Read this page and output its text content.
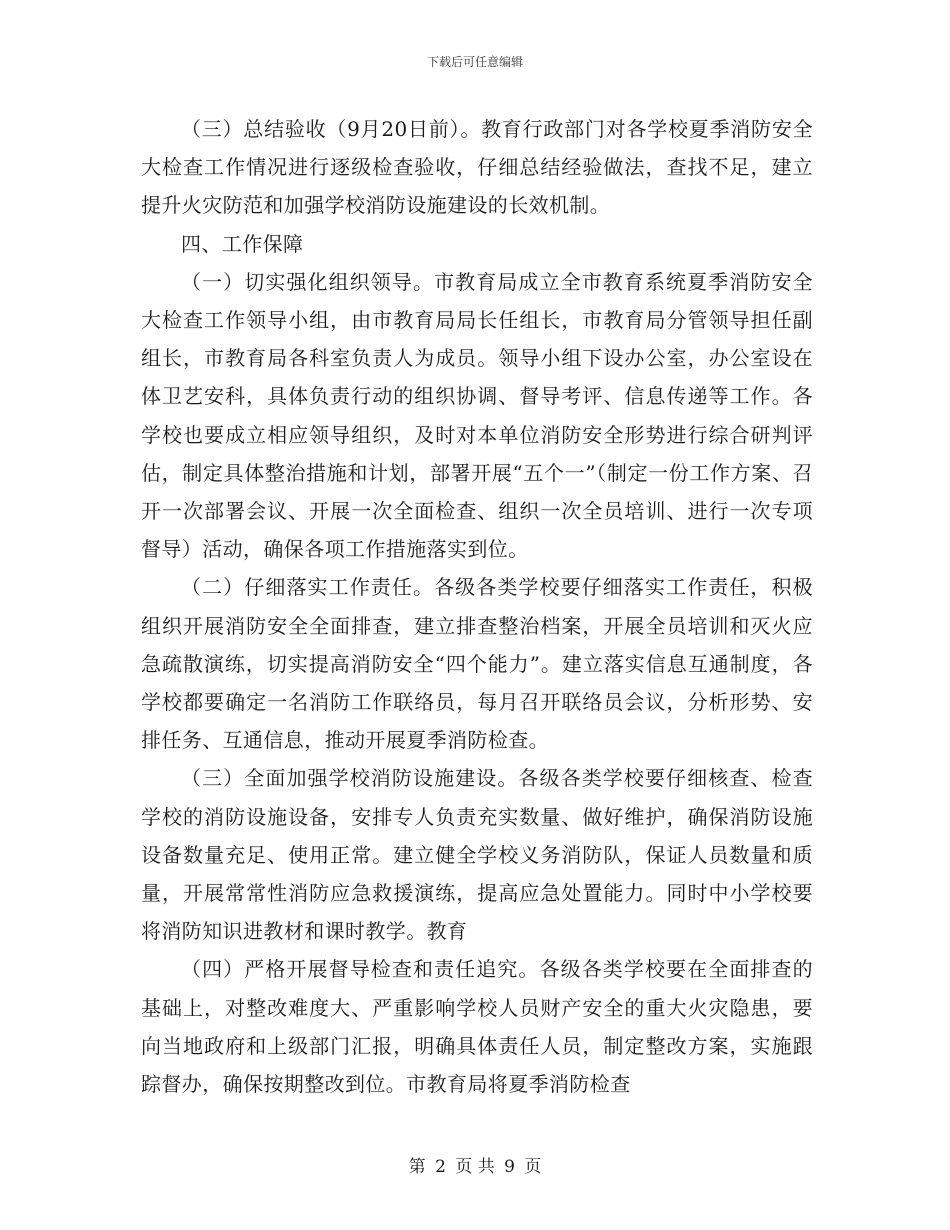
下载后可任意编辑

（三）总结验收（9月20日前）。教育行政部门对各学校夏季消防安全大检查工作情况进行逐级检查验收，仔细总结经验做法，查找不足，建立提升火灾防范和加强学校消防设施建设的长效机制。

四、工作保障

（一）切实强化组织领导。市教育局成立全市教育系统夏季消防安全大检查工作领导小组，由市教育局局长任组长，市教育局分管领导担任副组长，市教育局各科室负责人为成员。领导小组下设办公室，办公室设在体卫艺安科，具体负责行动的组织协调、督导考评、信息传递等工作。各学校也要成立相应领导组织，及时对本单位消防安全形势进行综合研判评估，制定具体整治措施和计划，部署开展“五个一”（制定一份工作方案、召开一次部署会议、开展一次全面检查、组织一次全员培训、进行一次专项督导）活动，确保各项工作措施落实到位。

（二）仔细落实工作责任。各级各类学校要仔细落实工作责任，积极组织开展消防安全全面排查，建立排查整治档案，开展全员培训和灭火应急疏散演练，切实提高消防安全“四个能力”。建立落实信息互通制度，各学校都要确定一名消防工作联络员，每月召开联络员会议，分析形势、安排任务、互通信息，推动开展夏季消防检查。

（三）全面加强学校消防设施建设。各级各类学校要仔细核查、检查学校的消防设施设备，安排专人负责充实数量、做好维护，确保消防设施设备数量充足、使用正常。建立健全学校义务消防队，保证人员数量和质量，开展常常性消防应急救援演练，提高应急处置能力。同时中小学校要将消防知识进教材和课时教学。教育

（四）严格开展督导检查和责任追究。各级各类学校要在全面排查的基础上，对整改难度大、严重影响学校人员财产安全的重大火灾隐患，要向当地政府和上级部门汇报，明确具体责任人员，制定整改方案，实施跟踪督办，确保按期整改到位。市教育局将夏季消防检查

第 2 页 共 9 页
